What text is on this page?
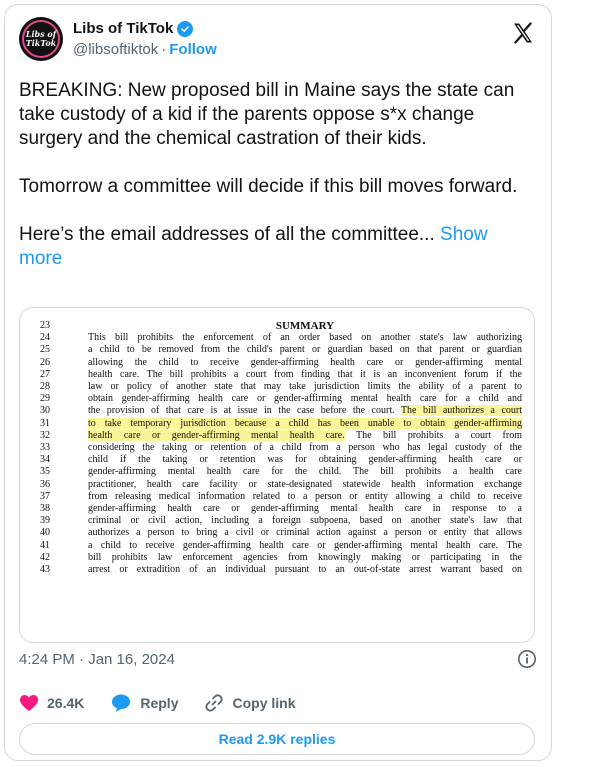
Libs of
TikTok
Libs of TikTok
@libsoftiktok · Follow

BREAKING: New proposed bill in Maine says the state can take custody of a kid if the parents oppose s*x change surgery and the chemical castration of their kids.

Tomorrow a committee will decide if this bill moves forward.

Here’s the email addresses of all the committee... Show more

23	SUMMARY
24	This bill prohibits the enforcement of an order based on another state's law authorizing
25	a child to be removed from the child's parent or guardian based on that parent or guardian
26	allowing the child to receive gender-affirming health care or gender-affirming mental
27	health care. The bill prohibits a court from finding that it is an inconvenient forum if the
28	law or policy of another state that may take jurisdiction limits the ability of a parent to
29	obtain gender-affirming health care or gender-affirming mental health care for a child and
30	the provision of that care is at issue in the case before the court. The bill authorizes a court
31	to take temporary jurisdiction because a child has been unable to obtain gender-affirming
32	health care or gender-affirming mental health care. The bill prohibits a court from
33	considering the taking or retention of a child from a person who has legal custody of the
34	child if the taking or retention was for obtaining gender-affirming health care or
35	gender-affirming mental health care for the child. The bill prohibits a health care
36	practitioner, health care facility or state-designated statewide health information exchange
37	from releasing medical information related to a person or entity allowing a child to receive
38	gender-affirming health care or gender-affirming mental health care in response to a
39	criminal or civil action, including a foreign subpoena, based on another state's law that
40	authorizes a person to bring a civil or criminal action against a person or entity that allows
41	a child to receive gender-affirming health care or gender-affirming mental health care. The
42	bill prohibits law enforcement agencies from knowingly making or participating in the
43	arrest or extradition of an individual pursuant to an out-of-state arrest warrant based on
4:24 PM · Jan 16, 2024
26.4K	Reply	Copy link
Read 2.9K replies
